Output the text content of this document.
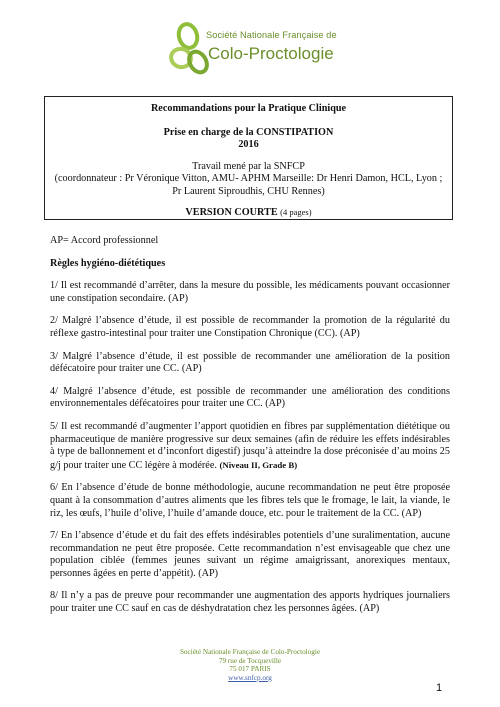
Société Nationale Française de
Colo-Proctologie
Recommandations pour la Pratique Clinique
Prise en charge de la CONSTIPATION
2016
Travail mené par la SNFCP
(coordonnateur : Pr Véronique Vitton, AMU- APHM Marseille: Dr Henri Damon, HCL, Lyon ; Pr Laurent Siproudhis, CHU Rennes)
VERSION COURTE (4 pages)

AP= Accord professionnel

Règles hygiéno-diététiques

1/ Il est recommandé d’arrêter, dans la mesure du possible, les médicaments pouvant occasionner une constipation secondaire. (AP)

2/ Malgré l’absence d’étude, il est possible de recommander la promotion de la régularité du réflexe gastro-intestinal pour traiter une Constipation Chronique (CC). (AP)

3/ Malgré l’absence d’étude, il est possible de recommander une amélioration de la position défécatoire pour traiter une CC. (AP)

4/ Malgré l’absence d’étude, est possible de recommander une amélioration des conditions environnementales défécatoires pour traiter une CC. (AP)

5/ Il est recommandé d’augmenter l’apport quotidien en fibres par supplémentation diététique ou pharmaceutique de manière progressive sur deux semaines (afin de réduire les effets indésirables à type de ballonnement et d’inconfort digestif) jusqu’à atteindre la dose préconisée d’au moins 25 g/j pour traiter une CC légère à modérée. (Niveau II, Grade B)

6/ En l’absence d’étude de bonne méthodologie, aucune recommandation ne peut être proposée quant à la consommation d’autres aliments que les fibres tels que le fromage, le lait, la viande, le riz, les œufs, l’huile d’olive, l’huile d’amande douce, etc. pour le traitement de la CC. (AP)

7/ En l’absence d’étude et du fait des effets indésirables potentiels d’une suralimentation, aucune recommandation ne peut être proposée. Cette recommandation n’est envisageable que chez une population ciblée (femmes jeunes suivant un régime amaigrissant, anorexiques mentaux, personnes âgées en perte d’appétit). (AP)

8/ Il n’y a pas de preuve pour recommander une augmentation des apports hydriques journaliers pour traiter une CC sauf en cas de déshydratation chez les personnes âgées. (AP)

Société Nationale Française de Colo-Proctologie
79 rue de Tocqueville
75 017 PARIS
www.snfcp.org
1
